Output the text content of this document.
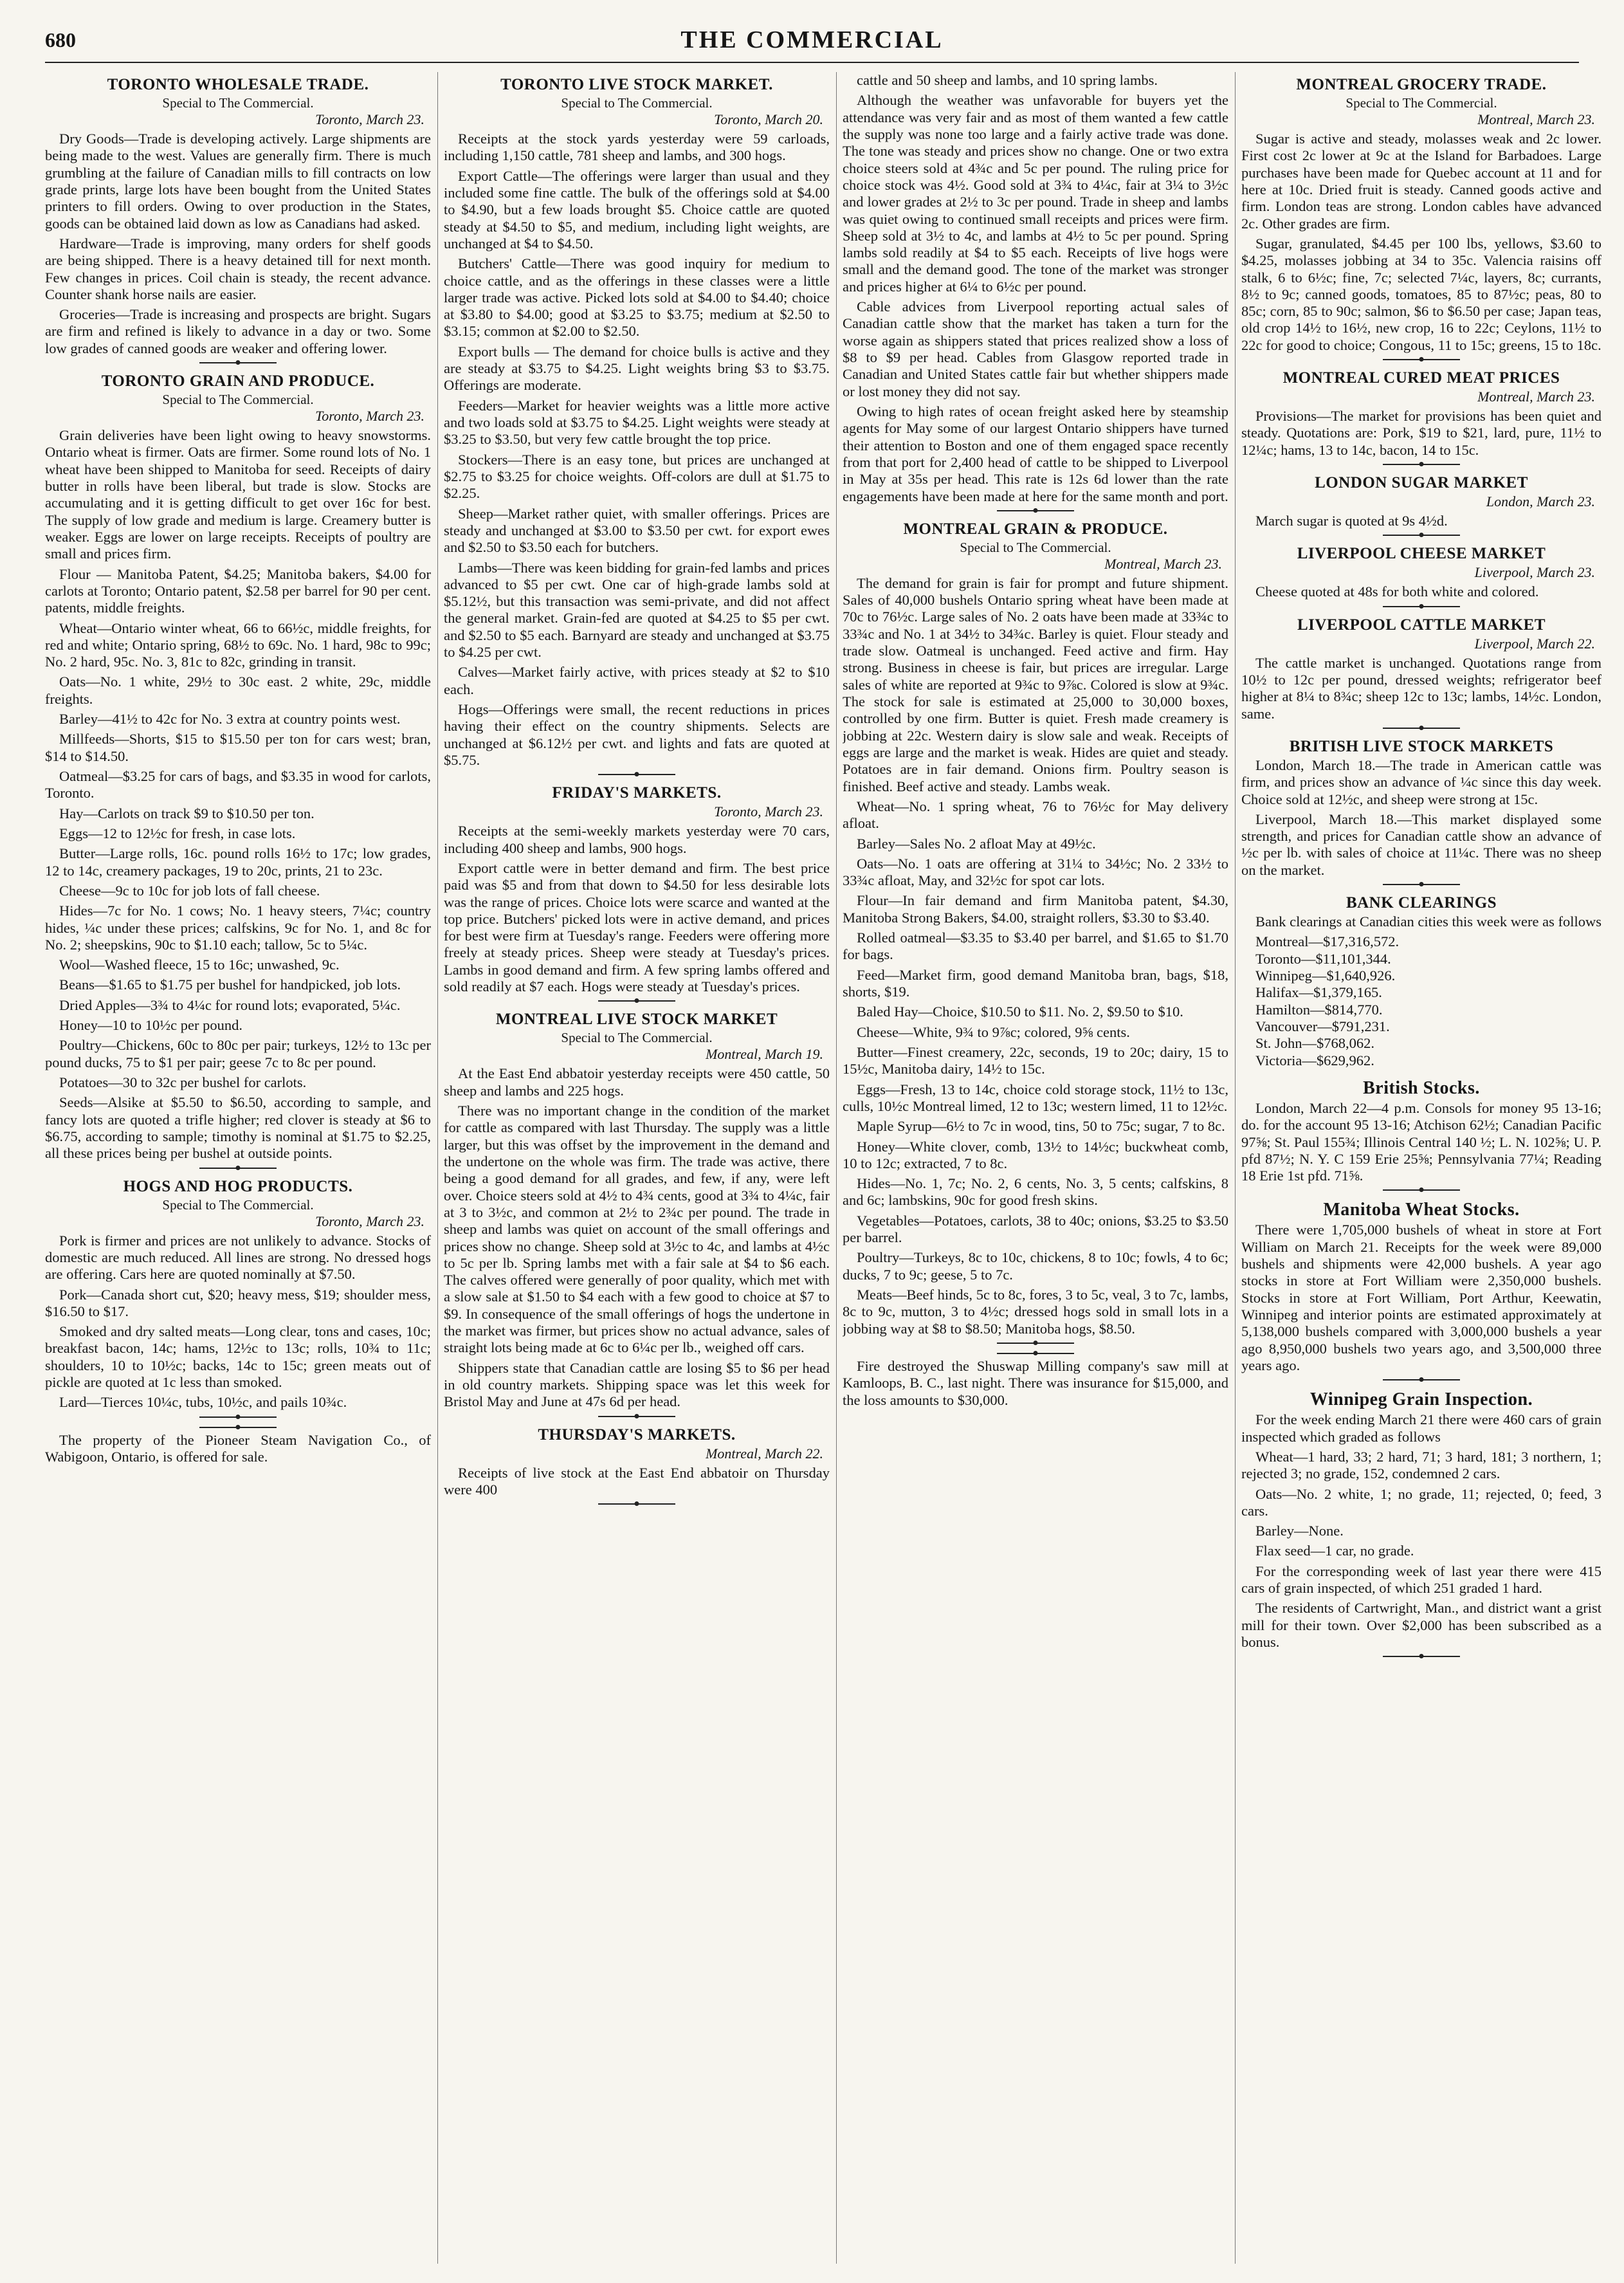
680	THE COMMERCIAL
TORONTO WHOLESALE TRADE.
Special to The Commercial.
Toronto, March 23.

Dry Goods—Trade is developing actively. Large shipments are being made to the west. Values are generally firm. There is much grumbling at the failure of Canadian mills to fill contracts on low grade prints, large lots have been bought from the United States printers to fill orders. Owing to over production in the States, goods can be obtained laid down as low as Canadians had asked.

Hardware—Trade is improving, many orders for shelf goods are being shipped. There is a heavy detained till for next month. Few changes in prices. Coil chain is steady, the recent advance. Counter shank horse nails are easier.

Groceries—Trade is increasing and prospects are bright. Sugars are firm and refined is likely to advance in a day or two. Some low grades of canned goods are weaker and offering lower.

TORONTO GRAIN AND PRODUCE.
Special to The Commercial.
Toronto, March 23.

Grain deliveries have been light owing to heavy snowstorms. Ontario wheat is firmer. Oats are firmer. Some round lots of No. 1 wheat have been shipped to Manitoba for seed. Receipts of dairy butter in rolls have been liberal, but trade is slow. Stocks are accumulating and it is getting difficult to get over 16c for best. The supply of low grade and medium is large. Creamery butter is weaker. Eggs are lower on large receipts. Receipts of poultry are small and prices firm.

Flour — Manitoba Patent, $4.25; Manitoba bakers, $4.00 for carlots at Toronto; Ontario patent, $2.58 per barrel for 90 per cent. patents, middle freights.

Wheat—Ontario winter wheat, 66 to 66½c, middle freights, for red and white; Ontario spring, 68½ to 69c. No. 1 hard, 98c to 99c; No. 2 hard, 95c. No. 3, 81c to 82c, grinding in transit.

Oats—No. 1 white, 29½ to 30c east. 2 white, 29c, middle freights.

Barley—41½ to 42c for No. 3 extra at country points west.

Millfeeds—Shorts, $15 to $15.50 per ton for cars west; bran, $14 to $14.50.

Oatmeal—$3.25 for cars of bags, and $3.35 in wood for carlots, Toronto.

Hay—Carlots on track $9 to $10.50 per ton.

Eggs—12 to 12½c for fresh, in case lots.

Butter—Large rolls, 16c. pound rolls 16½ to 17c; low grades, 12 to 14c, creamery packages, 19 to 20c, prints, 21 to 23c.

Cheese—9c to 10c for job lots of fall cheese.

Hides—7c for No. 1 cows; No. 1 heavy steers, 7¼c; country hides, ¼c under these prices; calfskins, 9c for No. 1, and 8c for No. 2; sheepskins, 90c to $1.10 each; tallow, 5c to 5¼c.

Wool—Washed fleece, 15 to 16c; unwashed, 9c.

Beans—$1.65 to $1.75 per bushel for handpicked, job lots.

Dried Apples—3¾ to 4¼c for round lots; evaporated, 5¼c.

Honey—10 to 10½c per pound.

Poultry—Chickens, 60c to 80c per pair; turkeys, 12½ to 13c per pound ducks, 75 to $1 per pair; geese 7c to 8c per pound.

Potatoes—30 to 32c per bushel for carlots.

Seeds—Alsike at $5.50 to $6.50, according to sample, and fancy lots are quoted a trifle higher; red clover is steady at $6 to $6.75, according to sample; timothy is nominal at $1.75 to $2.25, all these prices being per bushel at outside points.

HOGS AND HOG PRODUCTS.
Special to The Commercial.
Toronto, March 23.

Pork is firmer and prices are not unlikely to advance. Stocks of domestic are much reduced. All lines are strong. No dressed hogs are offering. Cars here are quoted nominally at $7.50.

Pork—Canada short cut, $20; heavy mess, $19; shoulder mess, $16.50 to $17.

Smoked and dry salted meats—Long clear, tons and cases, 10c; breakfast bacon, 14c; hams, 12½c to 13c; rolls, 10¾ to 11c; shoulders, 10 to 10½c; backs, 14c to 15c; green meats out of pickle are quoted at 1c less than smoked.

Lard—Tierces 10¼c, tubs, 10½c, and pails 10¾c.

The property of the Pioneer Steam Navigation Co., of Wabigoon, Ontario, is offered for sale.

TORONTO LIVE STOCK MARKET.
Special to The Commercial.
Toronto, March 20.

Receipts at the stock yards yesterday were 59 carloads, including 1,150 cattle, 781 sheep and lambs, and 300 hogs.

Export Cattle—The offerings were larger than usual and they included some fine cattle. The bulk of the offerings sold at $4.00 to $4.90, but a few loads brought $5. Choice cattle are quoted steady at $4.50 to $5, and medium, including light weights, are unchanged at $4 to $4.50.

Butchers' Cattle—There was good inquiry for medium to choice cattle, and as the offerings in these classes were a little larger trade was active. Picked lots sold at $4.00 to $4.40; choice at $3.80 to $4.00; good at $3.25 to $3.75; medium at $2.50 to $3.15; common at $2.00 to $2.50.

Export bulls — The demand for choice bulls is active and they are steady at $3.75 to $4.25. Light weights bring $3 to $3.75. Offerings are moderate.

Feeders—Market for heavier weights was a little more active and two loads sold at $3.75 to $4.25. Light weights were steady at $3.25 to $3.50, but very few cattle brought the top price.

Stockers—There is an easy tone, but prices are unchanged at $2.75 to $3.25 for choice weights. Off-colors are dull at $1.75 to $2.25.

Sheep—Market rather quiet, with smaller offerings. Prices are steady and unchanged at $3.00 to $3.50 per cwt. for export ewes and $2.50 to $3.50 each for butchers.

Lambs—There was keen bidding for grain-fed lambs and prices advanced to $5 per cwt. One car of high-grade lambs sold at $5.12½, but this transaction was semi-private, and did not affect the general market. Grain-fed are quoted at $4.25 to $5 per cwt. and $2.50 to $5 each. Barnyard are steady and unchanged at $3.75 to $4.25 per cwt.

Calves—Market fairly active, with prices steady at $2 to $10 each.

Hogs—Offerings were small, the recent reductions in prices having their effect on the country shipments. Selects are unchanged at $6.12½ per cwt. and lights and fats are quoted at $5.75.

FRIDAY'S MARKETS.
Toronto, March 23.

Receipts at the semi-weekly markets yesterday were 70 cars, including 400 sheep and lambs, 900 hogs.

Export cattle were in better demand and firm. The best price paid was $5 and from that down to $4.50 for less desirable lots was the range of prices. Choice lots were scarce and wanted at the top price. Butchers' picked lots were in active demand, and prices for best were firm at Tuesday's range. Feeders were offering more freely at steady prices. Sheep were steady at Tuesday's prices. Lambs in good demand and firm. A few spring lambs offered and sold readily at $7 each. Hogs were steady at Tuesday's prices.

MONTREAL LIVE STOCK MARKET
Special to The Commercial.
Montreal, March 19.

At the East End abbatoir yesterday receipts were 450 cattle, 50 sheep and lambs and 225 hogs.

There was no important change in the condition of the market for cattle as compared with last Thursday. The supply was a little larger, but this was offset by the improvement in the demand and the undertone on the whole was firm. The trade was active, there being a good demand for all grades, and few, if any, were left over. Choice steers sold at 4½ to 4¾ cents, good at 3¾ to 4¼c, fair at 3 to 3½c, and common at 2½ to 2¾c per pound. The trade in sheep and lambs was quiet on account of the small offerings and prices show no change. Sheep sold at 3½c to 4c, and lambs at 4½c to 5c per lb. Spring lambs met with a fair sale at $4 to $6 each. The calves offered were generally of poor quality, which met with a slow sale at $1.50 to $4 each with a few good to choice at $7 to $9. In consequence of the small offerings of hogs the undertone in the market was firmer, but prices show no actual advance, sales of straight lots being made at 6c to 6¼c per lb., weighed off cars.

Shippers state that Canadian cattle are losing $5 to $6 per head in old country markets. Shipping space was let this week for Bristol May and June at 47s 6d per head.

THURSDAY'S MARKETS.
Montreal, March 22.

Receipts of live stock at the East End abbatoir on Thursday were 400

cattle and 50 sheep and lambs, and 10 spring lambs.

Although the weather was unfavorable for buyers yet the attendance was very fair and as most of them wanted a few cattle the supply was none too large and a fairly active trade was done. The tone was steady and prices show no change. One or two extra choice steers sold at 4¾c and 5c per pound. The ruling price for choice stock was 4½. Good sold at 3¾ to 4¼c, fair at 3¼ to 3½c and lower grades at 2½ to 3c per pound. Trade in sheep and lambs was quiet owing to continued small receipts and prices were firm. Sheep sold at 3½ to 4c, and lambs at 4½ to 5c per pound. Spring lambs sold readily at $4 to $5 each. Receipts of live hogs were small and the demand good. The tone of the market was stronger and prices higher at 6¼ to 6½c per pound.

Cable advices from Liverpool reporting actual sales of Canadian cattle show that the market has taken a turn for the worse again as shippers stated that prices realized show a loss of $8 to $9 per head. Cables from Glasgow reported trade in Canadian and United States cattle fair but whether shippers made or lost money they did not say.

Owing to high rates of ocean freight asked here by steamship agents for May some of our largest Ontario shippers have turned their attention to Boston and one of them engaged space recently from that port for 2,400 head of cattle to be shipped to Liverpool in May at 35s per head. This rate is 12s 6d lower than the rate engagements have been made at here for the same month and port.

MONTREAL GRAIN & PRODUCE.
Special to The Commercial.
Montreal, March 23.

The demand for grain is fair for prompt and future shipment. Sales of 40,000 bushels Ontario spring wheat have been made at 70c to 76½c. Large sales of No. 2 oats have been made at 33¾c to 33¾c and No. 1 at 34½ to 34¾c. Barley is quiet. Flour steady and trade slow. Oatmeal is unchanged. Feed active and firm. Hay strong. Business in cheese is fair, but prices are irregular. Large sales of white are reported at 9¾c to 9⅞c. Colored is slow at 9¾c. The stock for sale is estimated at 25,000 to 30,000 boxes, controlled by one firm. Butter is quiet. Fresh made creamery is jobbing at 22c. Western dairy is slow sale and weak. Receipts of eggs are large and the market is weak. Hides are quiet and steady. Potatoes are in fair demand. Onions firm. Poultry season is finished. Beef active and steady. Lambs weak.

Wheat—No. 1 spring wheat, 76 to 76½c for May delivery afloat.

Barley—Sales No. 2 afloat May at 49½c.

Oats—No. 1 oats are offering at 31¼ to 34½c; No. 2 33½ to 33¾c afloat, May, and 32½c for spot car lots.

Flour—In fair demand and firm Manitoba patent, $4.30, Manitoba Strong Bakers, $4.00, straight rollers, $3.30 to $3.40.

Rolled oatmeal—$3.35 to $3.40 per barrel, and $1.65 to $1.70 for bags.

Feed—Market firm, good demand Manitoba bran, bags, $18, shorts, $19.

Baled Hay—Choice, $10.50 to $11. No. 2, $9.50 to $10.

Cheese—White, 9¾ to 9⅞c; colored, 9⅝ cents.

Butter—Finest creamery, 22c, seconds, 19 to 20c; dairy, 15 to 15½c, Manitoba dairy, 14½ to 15c.

Eggs—Fresh, 13 to 14c, choice cold storage stock, 11½ to 13c, culls, 10½c Montreal limed, 12 to 13c; western limed, 11 to 12½c.

Maple Syrup—6½ to 7c in wood, tins, 50 to 75c; sugar, 7 to 8c.

Honey—White clover, comb, 13½ to 14½c; buckwheat comb, 10 to 12c; extracted, 7 to 8c.

Hides—No. 1, 7c; No. 2, 6 cents, No. 3, 5 cents; calfskins, 8 and 6c; lambskins, 90c for good fresh skins.

Vegetables—Potatoes, carlots, 38 to 40c; onions, $3.25 to $3.50 per barrel.

Poultry—Turkeys, 8c to 10c, chickens, 8 to 10c; fowls, 4 to 6c; ducks, 7 to 9c; geese, 5 to 7c.

Meats—Beef hinds, 5c to 8c, fores, 3 to 5c, veal, 3 to 7c, lambs, 8c to 9c, mutton, 3 to 4½c; dressed hogs sold in small lots in a jobbing way at $8 to $8.50; Manitoba hogs, $8.50.

Fire destroyed the Shuswap Milling company's saw mill at Kamloops, B. C., last night. There was insurance for $15,000, and the loss amounts to $30,000.

MONTREAL GROCERY TRADE.
Special to The Commercial.
Montreal, March 23.

Sugar is active and steady, molasses weak and 2c lower. First cost 2c lower at 9c at the Island for Barbadoes. Large purchases have been made for Quebec account at 11 and for here at 10c. Dried fruit is steady. Canned goods active and firm. London teas are strong. London cables have advanced 2c. Other grades are firm.

Sugar, granulated, $4.45 per 100 lbs, yellows, $3.60 to $4.25, molasses jobbing at 34 to 35c. Valencia raisins off stalk, 6 to 6½c; fine, 7c; selected 7¼c, layers, 8c; currants, 8½ to 9c; canned goods, tomatoes, 85 to 87½c; peas, 80 to 85c; corn, 85 to 90c; salmon, $6 to $6.50 per case; Japan teas, old crop 14½ to 16½, new crop, 16 to 22c; Ceylons, 11½ to 22c for good to choice; Congous, 11 to 15c; greens, 15 to 18c.

MONTREAL CURED MEAT PRICES
Montreal, March 23.

Provisions—The market for provisions has been quiet and steady. Quotations are: Pork, $19 to $21, lard, pure, 11½ to 12¼c; hams, 13 to 14c, bacon, 14 to 15c.

LONDON SUGAR MARKET
London, March 23.

March sugar is quoted at 9s 4½d.

LIVERPOOL CHEESE MARKET
Liverpool, March 23.

Cheese quoted at 48s for both white and colored.

LIVERPOOL CATTLE MARKET
Liverpool, March 22.

The cattle market is unchanged. Quotations range from 10½ to 12c per pound, dressed weights; refrigerator beef higher at 8¼ to 8¾c; sheep 12c to 13c; lambs, 14½c. London, same.

BRITISH LIVE STOCK MARKETS

London, March 18.—The trade in American cattle was firm, and prices show an advance of ¼c since this day week. Choice sold at 12½c, and sheep were strong at 15c.

Liverpool, March 18.—This market displayed some strength, and prices for Canadian cattle show an advance of ½c per lb. with sales of choice at 11¼c. There was no sheep on the market.

BANK CLEARINGS

Bank clearings at Canadian cities this week were as follows

Montreal—$17,316,572.
Toronto—$11,101,344.
Winnipeg—$1,640,926.
Halifax—$1,379,165.
Hamilton—$814,770.
Vancouver—$791,231.
St. John—$768,062.
Victoria—$629,962.
British Stocks.

London, March 22—4 p.m. Consols for money 95 13-16; do. for the account 95 13-16; Atchison 62½; Canadian Pacific 97⅝; St. Paul 155¾; Illinois Central 140 ½; L. N. 102⅝; U. P. pfd 87½; N. Y. C 159 Erie 25⅝; Pennsylvania 77¼; Reading 18 Erie 1st pfd. 71⅝.

Manitoba Wheat Stocks.

There were 1,705,000 bushels of wheat in store at Fort William on March 21. Receipts for the week were 89,000 bushels and shipments were 42,000 bushels. A year ago stocks in store at Fort William were 2,350,000 bushels. Stocks in store at Fort William, Port Arthur, Keewatin, Winnipeg and interior points are estimated approximately at 5,138,000 bushels compared with 3,000,000 bushels a year ago 8,950,000 bushels two years ago, and 3,500,000 three years ago.

Winnipeg Grain Inspection.

For the week ending March 21 there were 460 cars of grain inspected which graded as follows

Wheat—1 hard, 33; 2 hard, 71; 3 hard, 181; 3 northern, 1; rejected 3; no grade, 152, condemned 2 cars.

Oats—No. 2 white, 1; no grade, 11; rejected, 0; feed, 3 cars.

Barley—None.

Flax seed—1 car, no grade.

For the corresponding week of last year there were 415 cars of grain inspected, of which 251 graded 1 hard.

The residents of Cartwright, Man., and district want a grist mill for their town. Over $2,000 has been subscribed as a bonus.
